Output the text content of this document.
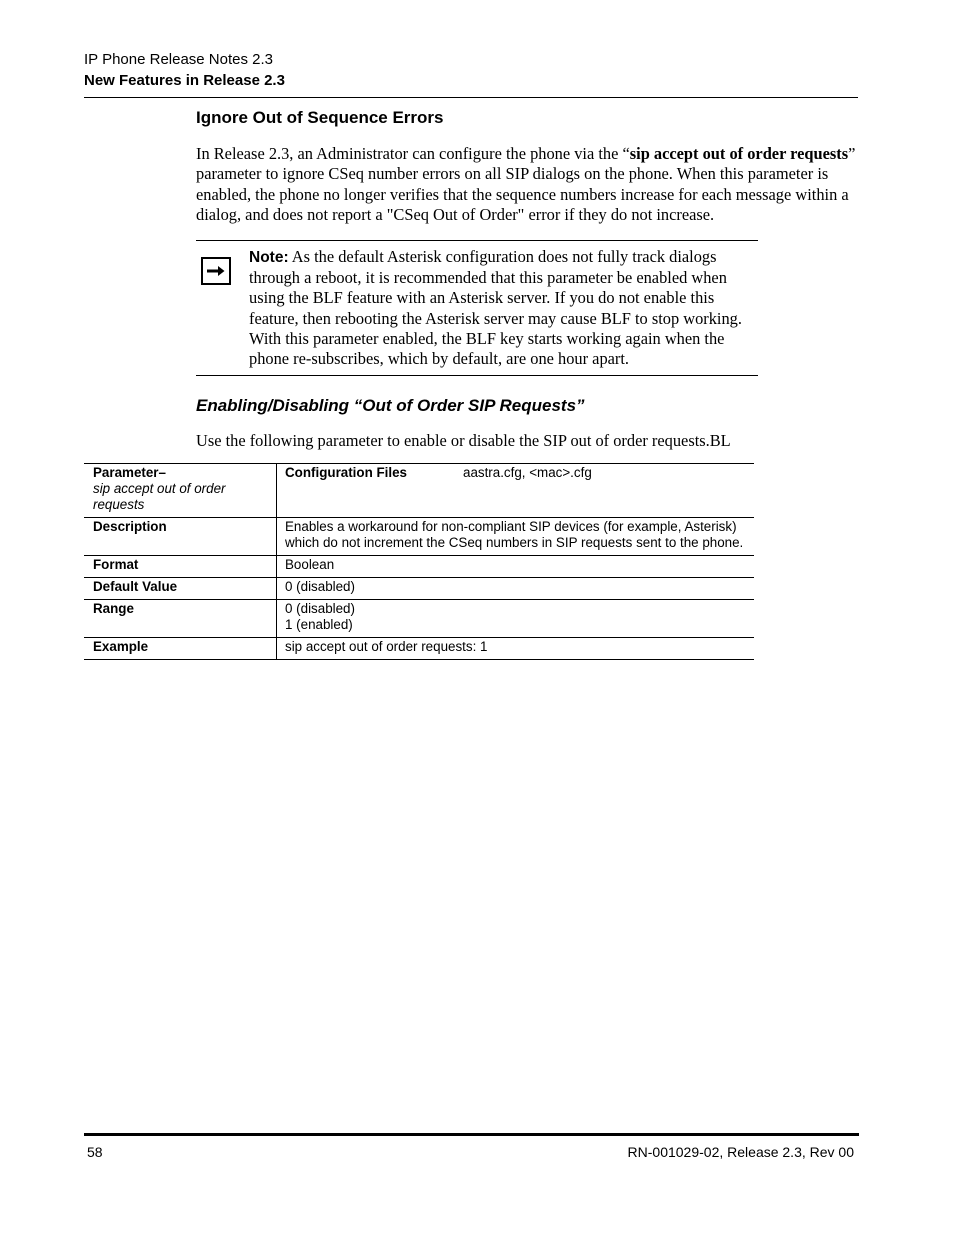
IP Phone Release Notes 2.3
New Features in Release 2.3
Ignore Out of Sequence Errors
In Release 2.3, an Administrator can configure the phone via the “sip accept out of order requests” parameter to ignore CSeq number errors on all SIP dialogs on the phone. When this parameter is enabled, the phone no longer verifies that the sequence numbers increase for each message within a dialog, and does not report a "CSeq Out of Order" error if they do not increase.
Note: As the default Asterisk configuration does not fully track dialogs through a reboot, it is recommended that this parameter be enabled when using the BLF feature with an Asterisk server. If you do not enable this feature, then rebooting the Asterisk server may cause BLF to stop working. With this parameter enabled, the BLF key starts working again when the phone re-subscribes, which by default, are one hour apart.
Enabling/Disabling “Out of Order SIP Requests”
Use the following parameter to enable or disable the SIP out of order requests.BL
Parameter–
sip accept out of order requests	Configuration Files aastra.cfg, <mac>.cfg
Description	Enables a workaround for non-compliant SIP devices (for example, Asterisk) which do not increment the CSeq numbers in SIP requests sent to the phone.
Format	Boolean
Default Value	0 (disabled)
Range	0 (disabled)
1 (enabled)

Example	sip accept out of order requests: 1
58	RN-001029-02, Release 2.3, Rev 00
